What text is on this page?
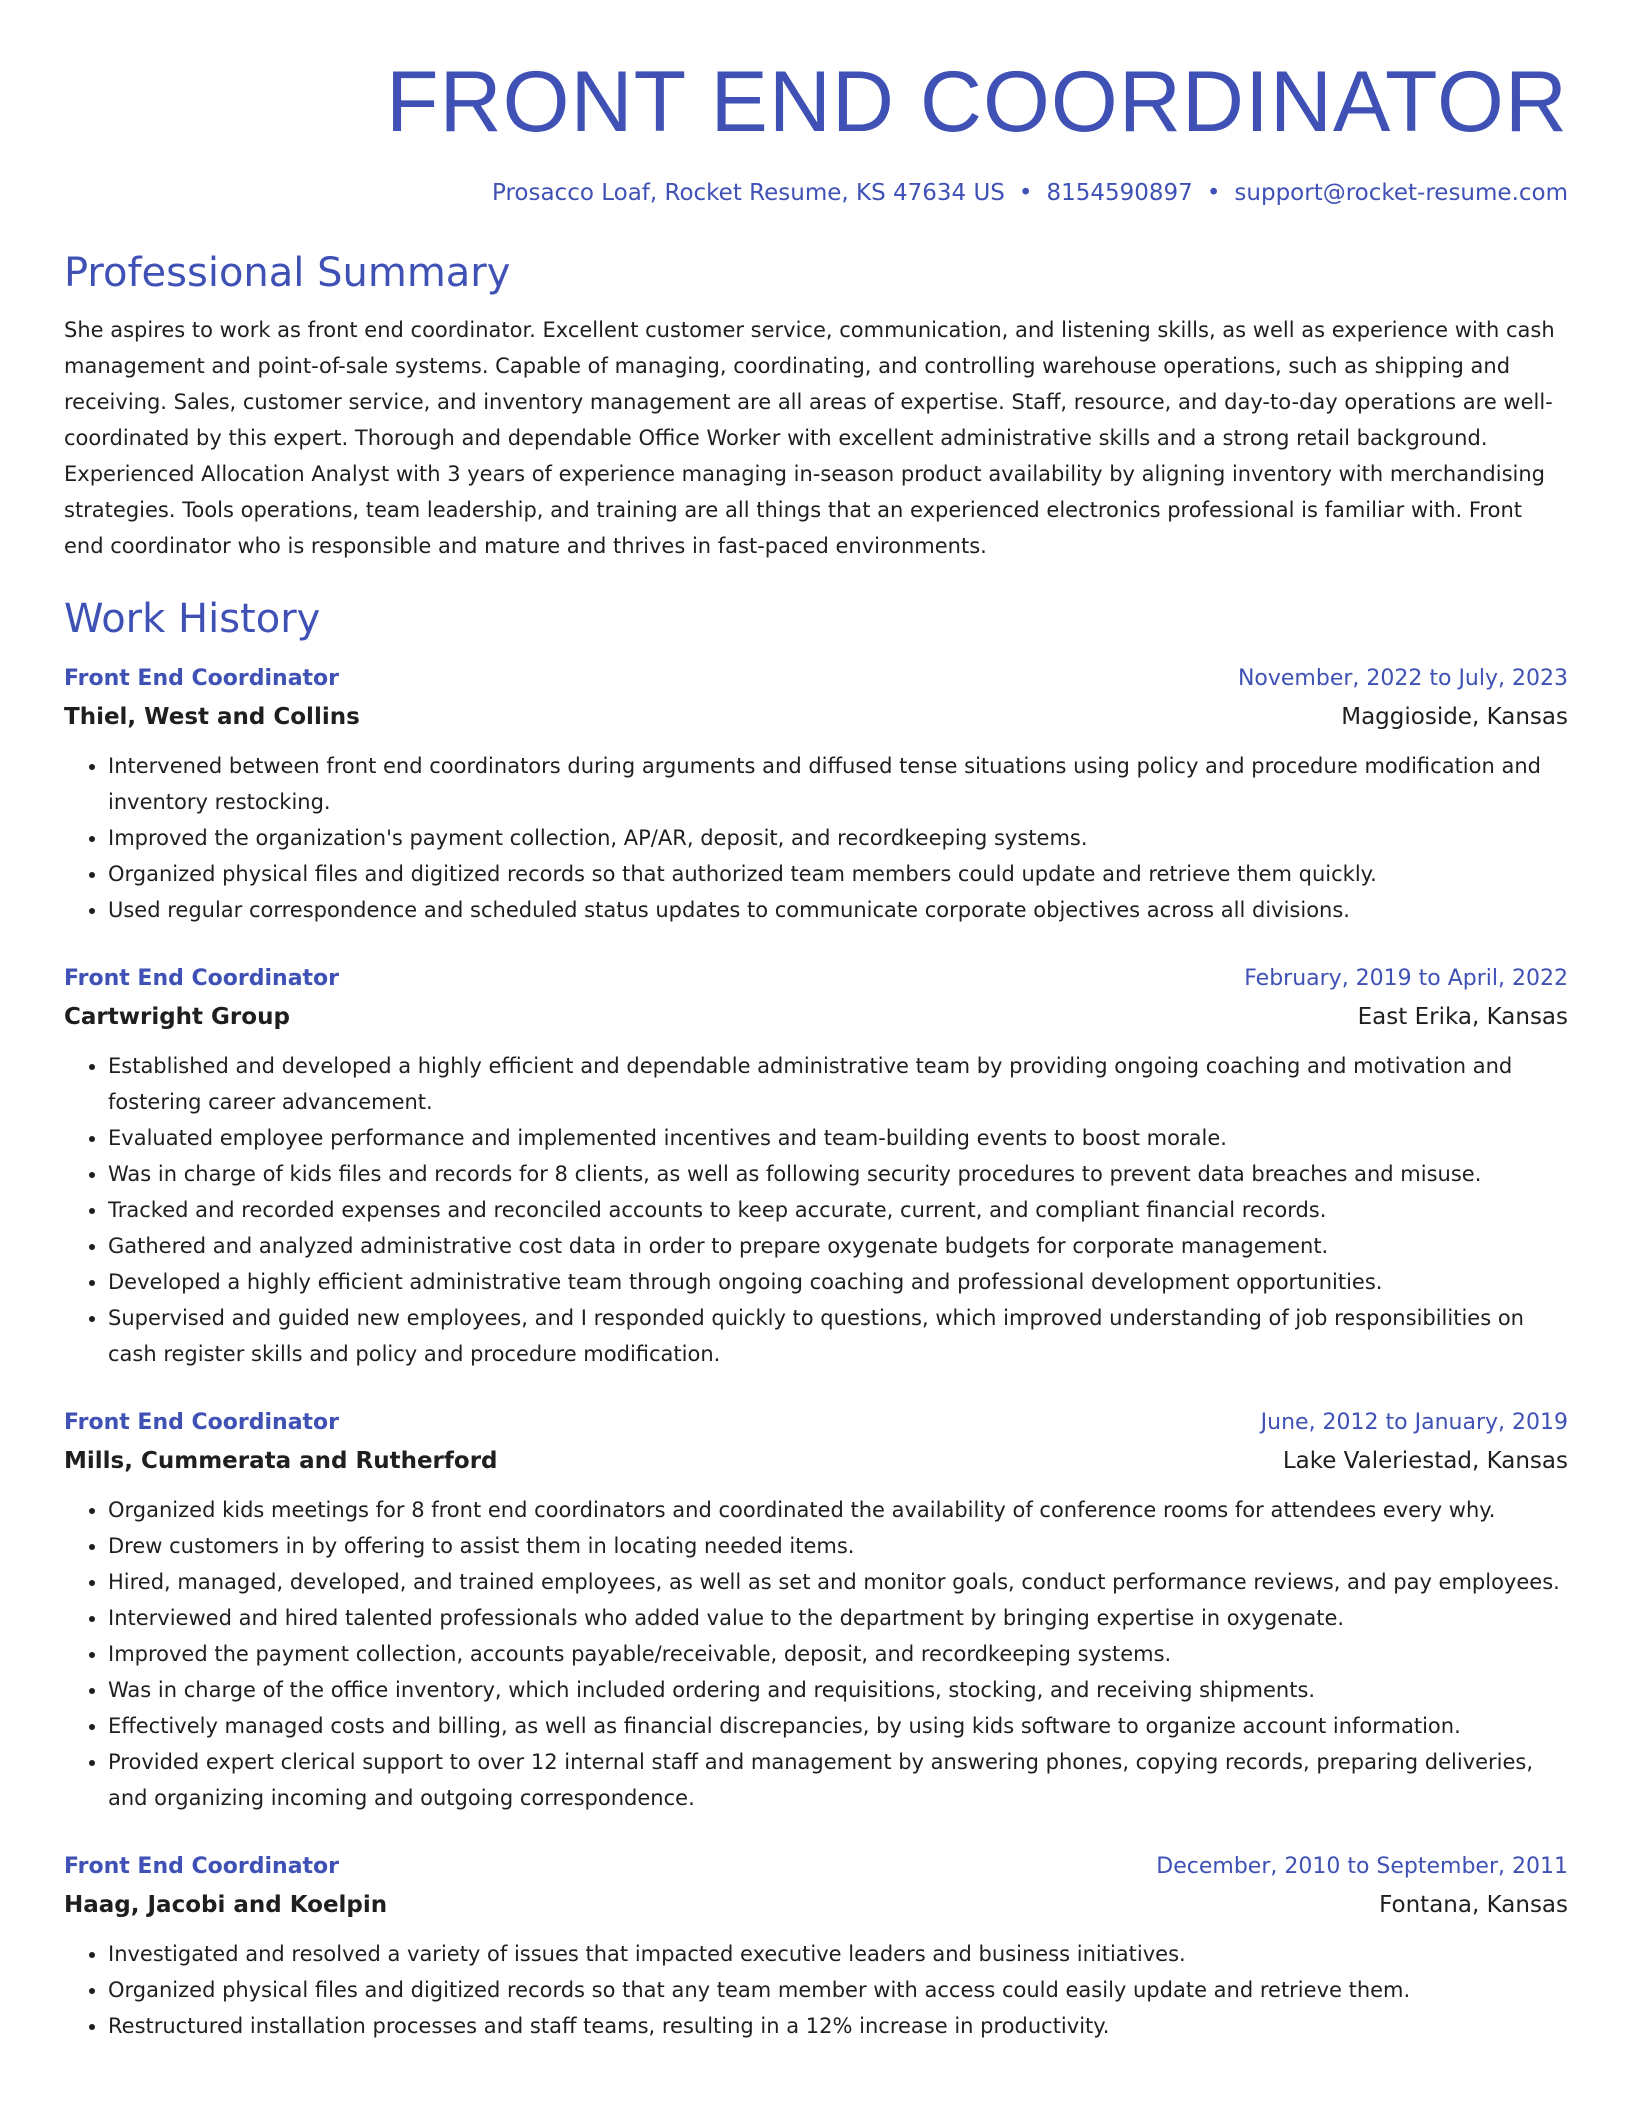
FRONT END COORDINATOR
Prosacco Loaf, Rocket Resume, KS 47634 US • 8154590897 • support@rocket-resume.com
Professional Summary
She aspires to work as front end coordinator. Excellent customer service, communication, and listening skills, as well as experience with cash management and point-of-sale systems. Capable of managing, coordinating, and controlling warehouse operations, such as shipping and receiving. Sales, customer service, and inventory management are all areas of expertise. Staff, resource, and day-to-day operations are well-coordinated by this expert. Thorough and dependable Office Worker with excellent administrative skills and a strong retail background. Experienced Allocation Analyst with 3 years of experience managing in-season product availability by aligning inventory with merchandising strategies. Tools operations, team leadership, and training are all things that an experienced electronics professional is familiar with. Front end coordinator who is responsible and mature and thrives in fast-paced environments.
Work History
Front End Coordinator	November, 2022 to July, 2023
Thiel, West and Collins	Maggioside, Kansas
• Intervened between front end coordinators during arguments and diffused tense situations using policy and procedure modification and inventory restocking.
• Improved the organization's payment collection, AP/AR, deposit, and recordkeeping systems.
• Organized physical files and digitized records so that authorized team members could update and retrieve them quickly.
• Used regular correspondence and scheduled status updates to communicate corporate objectives across all divisions.
Front End Coordinator	February, 2019 to April, 2022
Cartwright Group	East Erika, Kansas
• Established and developed a highly efficient and dependable administrative team by providing ongoing coaching and motivation and fostering career advancement.
• Evaluated employee performance and implemented incentives and team-building events to boost morale.
• Was in charge of kids files and records for 8 clients, as well as following security procedures to prevent data breaches and misuse.
• Tracked and recorded expenses and reconciled accounts to keep accurate, current, and compliant financial records.
• Gathered and analyzed administrative cost data in order to prepare oxygenate budgets for corporate management.
• Developed a highly efficient administrative team through ongoing coaching and professional development opportunities.
• Supervised and guided new employees, and I responded quickly to questions, which improved understanding of job responsibilities on cash register skills and policy and procedure modification.
Front End Coordinator	June, 2012 to January, 2019
Mills, Cummerata and Rutherford	Lake Valeriestad, Kansas
• Organized kids meetings for 8 front end coordinators and coordinated the availability of conference rooms for attendees every why.
• Drew customers in by offering to assist them in locating needed items.
• Hired, managed, developed, and trained employees, as well as set and monitor goals, conduct performance reviews, and pay employees.
• Interviewed and hired talented professionals who added value to the department by bringing expertise in oxygenate.
• Improved the payment collection, accounts payable/receivable, deposit, and recordkeeping systems.
• Was in charge of the office inventory, which included ordering and requisitions, stocking, and receiving shipments.
• Effectively managed costs and billing, as well as financial discrepancies, by using kids software to organize account information.
• Provided expert clerical support to over 12 internal staff and management by answering phones, copying records, preparing deliveries, and organizing incoming and outgoing correspondence.
Front End Coordinator	December, 2010 to September, 2011
Haag, Jacobi and Koelpin	Fontana, Kansas
• Investigated and resolved a variety of issues that impacted executive leaders and business initiatives.
• Organized physical files and digitized records so that any team member with access could easily update and retrieve them.
• Restructured installation processes and staff teams, resulting in a 12% increase in productivity.
